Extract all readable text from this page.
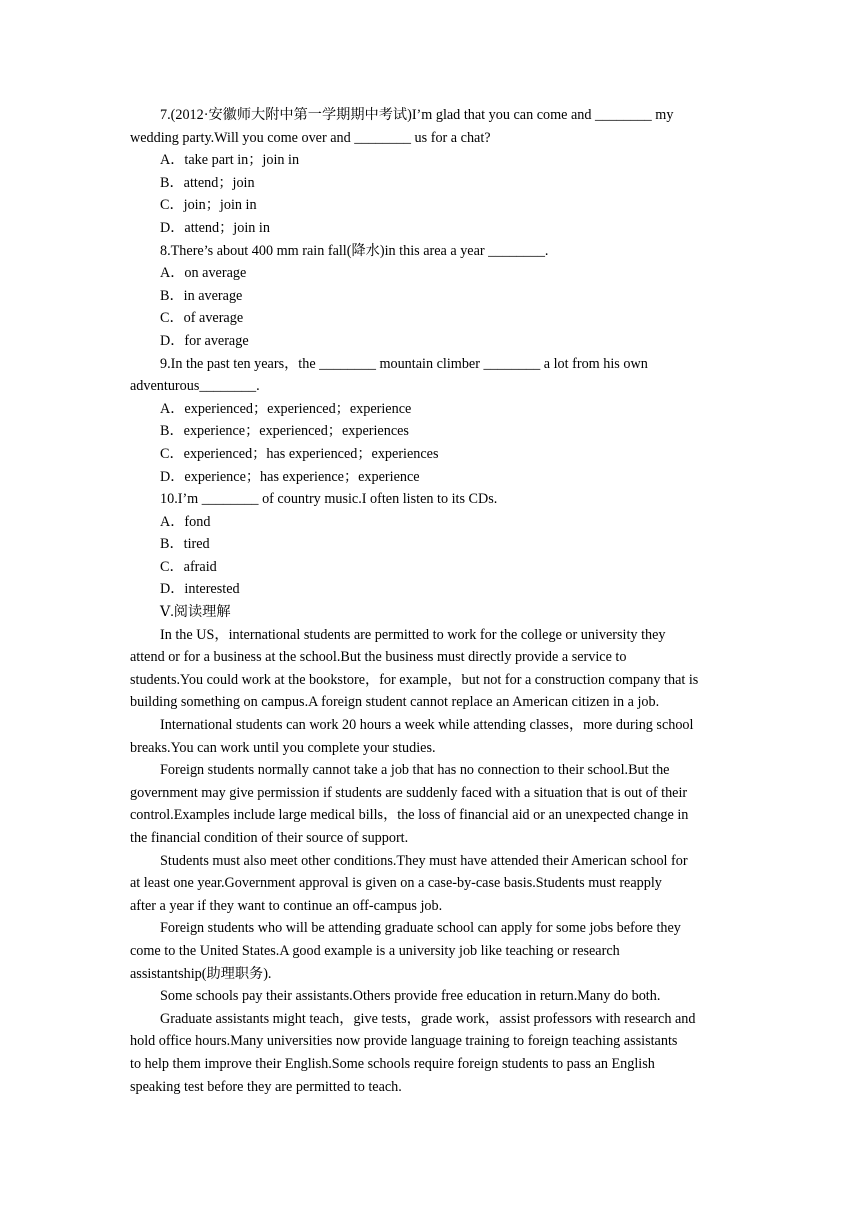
7.(2012·安徽师大附中第一学期期中考试)I’m glad that you can come and ________ my
wedding party.Will you come over and ________ us for a chat?
A．take part in；join in
B．attend；join
C．join；join in
D．attend；join in
8.There’s about 400 mm rain fall(降水)in this area a year ________.
A．on average
B．in average
C．of average
D．for average
9.In the past ten years，the ________ mountain climber ________ a lot from his own
adventurous________.
A．experienced；experienced；experience
B．experience；experienced；experiences
C．experienced；has experienced；experiences
D．experience；has experience；experience
10.I’m ________ of country music.I often listen to its CDs.
A．fond
B．tired
C．afraid
D．interested
Ⅴ.阅读理解
In the US，international students are permitted to work for the college or university they
attend or for a business at the school.But the business must directly provide a service to
students.You could work at the bookstore，for example，but not for a construction company that is
building something on campus.A foreign student cannot replace an American citizen in a job.
International students can work 20 hours a week while attending classes，more during school
breaks.You can work until you complete your studies.
Foreign students normally cannot take a job that has no connection to their school.But the
government may give permission if students are suddenly faced with a situation that is out of their
control.Examples include large medical bills，the loss of financial aid or an unexpected change in
the financial condition of their source of support.
Students must also meet other conditions.They must have attended their American school for
at least one year.Government approval is given on a case-by-case basis.Students must reapply
after a year if they want to continue an off-campus job.
Foreign students who will be attending graduate school can apply for some jobs before they
come to the United States.A good example is a university job like teaching or research
assistantship(助理职务).
Some schools pay their assistants.Others provide free education in return.Many do both.
Graduate assistants might teach，give tests，grade work，assist professors with research and
hold office hours.Many universities now provide language training to foreign teaching assistants
to help them improve their English.Some schools require foreign students to pass an English
speaking test before they are permitted to teach.
